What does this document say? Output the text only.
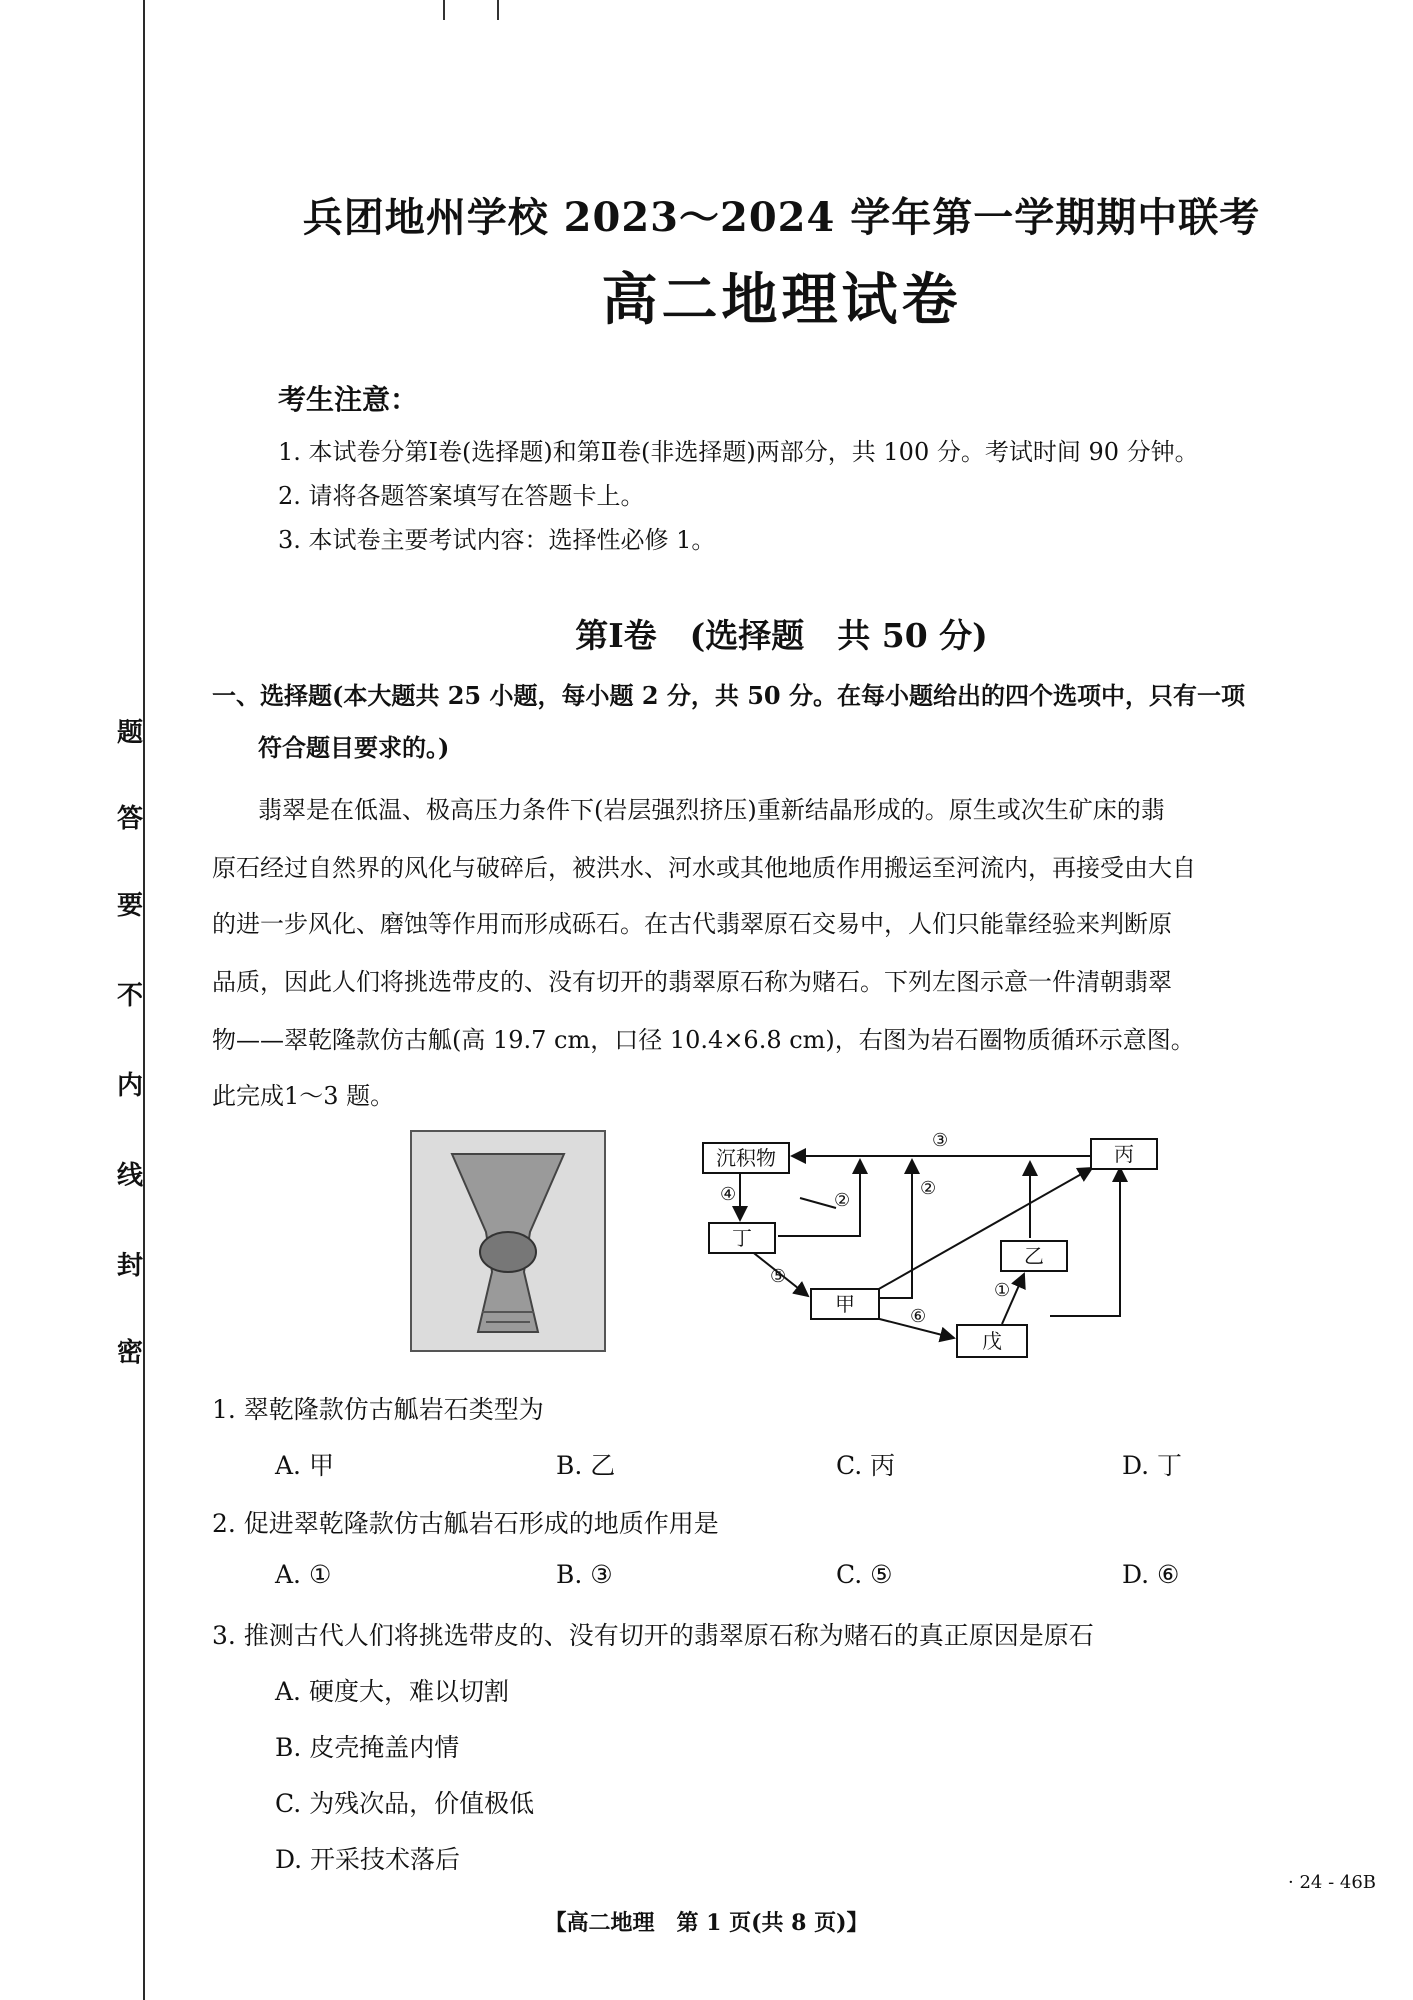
题
答
要
不
内
线
封
密
兵团地州学校 2023～2024 学年第一学期期中联考
高二地理试卷
考生注意：
1. 本试卷分第Ⅰ卷(选择题)和第Ⅱ卷(非选择题)两部分，共 100 分。考试时间 90 分钟。
2. 请将各题答案填写在答题卡上。
3. 本试卷主要考试内容：选择性必修 1。
第Ⅰ卷　(选择题　共 50 分)
一、选择题(本大题共 25 小题，每小题 2 分，共 50 分。在每小题给出的四个选项中，只有一项
符合题目要求的。)
翡翠是在低温、极高压力条件下(岩层强烈挤压)重新结晶形成的。原生或次生矿床的翡
原石经过自然界的风化与破碎后，被洪水、河水或其他地质作用搬运至河流内，再接受由大自
的进一步风化、磨蚀等作用而形成砾石。在古代翡翠原石交易中，人们只能靠经验来判断原
品质，因此人们将挑选带皮的、没有切开的翡翠原石称为赌石。下列左图示意一件清朝翡翠
物——翠乾隆款仿古觚(高 19.7 cm，口径 10.4×6.8 cm)，右图为岩石圈物质循环示意图。
此完成1～3 题。
沉积物	丙
丁
乙
甲
戊
③
④	②
②
⑤
⑥
①
1. 翠乾隆款仿古觚岩石类型为
A. 甲	B. 乙	C. 丙	D. 丁
2. 促进翠乾隆款仿古觚岩石形成的地质作用是
A. ①	B. ③	C. ⑤	D. ⑥
3. 推测古代人们将挑选带皮的、没有切开的翡翠原石称为赌石的真正原因是原石
A. 硬度大，难以切割
B. 皮壳掩盖内情
C. 为残次品，价值极低
D. 开采技术落后
【高二地理　第 1 页(共 8 页)】
· 24 - 46B
